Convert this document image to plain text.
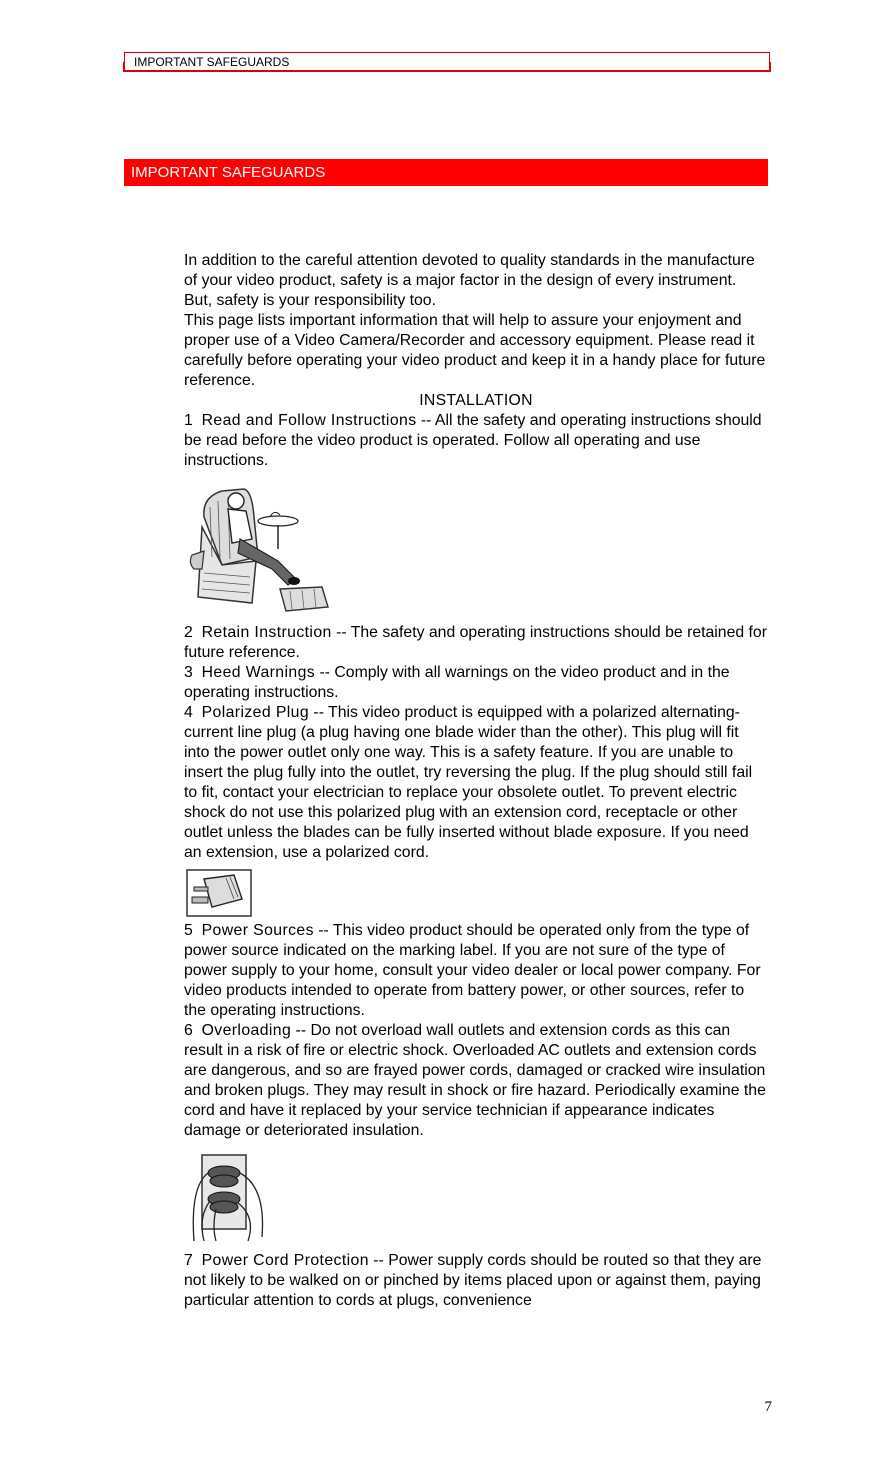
IMPORTANT SAFEGUARDS
IMPORTANT SAFEGUARDS

In addition to the careful attention devoted to quality standards in the manufacture of your video product, safety is a major factor in the design of every instrument. But, safety is your responsibility too.

This page lists important information that will help to assure your enjoyment and proper use of a Video Camera/Recorder and accessory equipment. Please read it carefully before operating your video product and keep it in a handy place for future reference.

INSTALLATION

1 Read and Follow Instructions -- All the safety and operating instructions should be read before the video product is operated. Follow all operating and use instructions.

2 Retain Instruction -- The safety and operating instructions should be retained for future reference.

3 Heed Warnings -- Comply with all warnings on the video product and in the operating instructions.

4 Polarized Plug -- This video product is equipped with a polarized alternating-current line plug (a plug having one blade wider than the other). This plug will fit into the power outlet only one way. This is a safety feature. If you are unable to insert the plug fully into the outlet, try reversing the plug. If the plug should still fail to fit, contact your electrician to replace your obsolete outlet. To prevent electric shock do not use this polarized plug with an extension cord, receptacle or other outlet unless the blades can be fully inserted without blade exposure. If you need an extension, use a polarized cord.

5 Power Sources -- This video product should be operated only from the type of power source indicated on the marking label. If you are not sure of the type of power supply to your home, consult your video dealer or local power company. For video products intended to operate from battery power, or other sources, refer to the operating instructions.

6 Overloading -- Do not overload wall outlets and extension cords as this can result in a risk of fire or electric shock. Overloaded AC outlets and extension cords are dangerous, and so are frayed power cords, damaged or cracked wire insulation and broken plugs. They may result in shock or fire hazard. Periodically examine the cord and have it replaced by your service technician if appearance indicates damage or deteriorated insulation.

7 Power Cord Protection -- Power supply cords should be routed so that they are not likely to be walked on or pinched by items placed upon or against them, paying particular attention to cords at plugs, convenience

7
